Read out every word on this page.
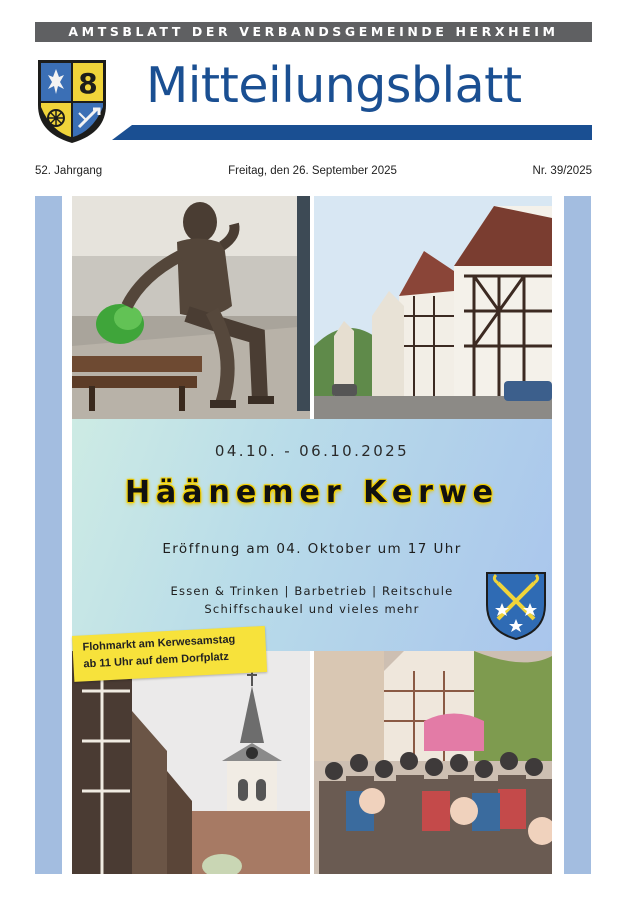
AMTSBLATT DER VERBANDSGEMEINDE HERXHEIM
8 Mitteilungsblatt
52. Jahrgang	Freitag, den 26. September 2025	Nr. 39/2025
04.10. - 06.10.2025
Häänemer Kerwe
Eröffnung am 04. Oktober um 17 Uhr
Essen & Trinken | Barbetrieb | Reitschule
Schiffschaukel und vieles mehr
Flohmarkt am Kerwesamstag
ab 11 Uhr auf dem Dorfplatz
